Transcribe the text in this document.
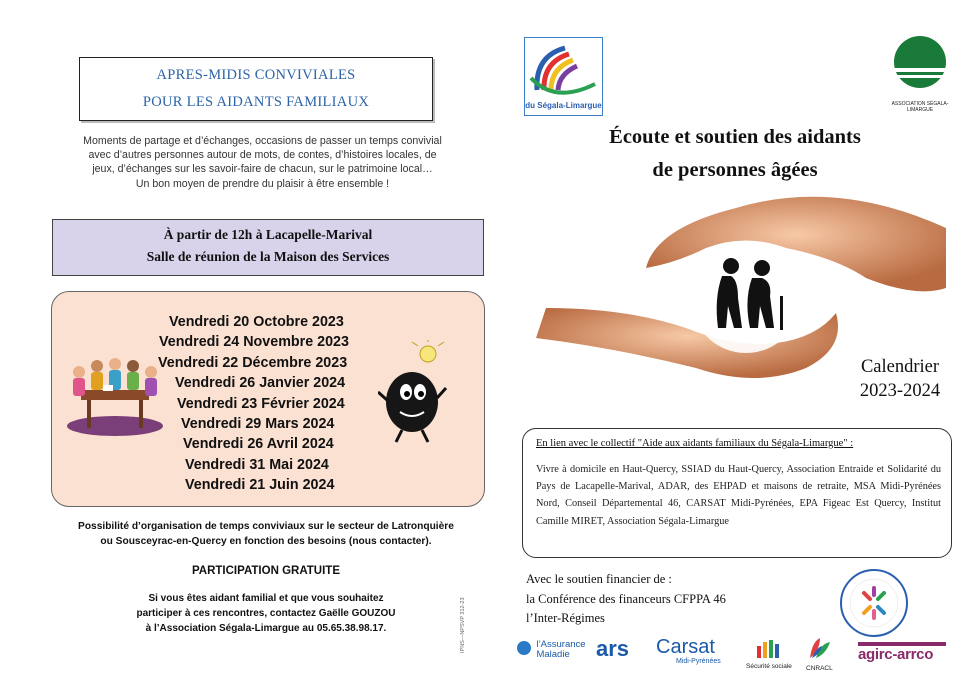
APRES-MIDIS CONVIVIALES
POUR LES AIDANTS FAMILIAUX
Moments de partage et d’échanges, occasions de passer un temps convivial
avec d’autres personnes autour de mots, de contes, d’histoires locales, de
jeux, d’échanges sur les savoir-faire de chacun, sur le patrimoine local…
Un bon moyen de prendre du plaisir à être ensemble !
À partir de 12h à Lacapelle-Marival
Salle de réunion de la Maison des Services
Vendredi 20 Octobre 2023
Vendredi 24 Novembre 2023
Vendredi 22 Décembre 2023
Vendredi 26 Janvier 2024
Vendredi 23 Février 2024
Vendredi 29 Mars 2024
Vendredi 26 Avril 2024
Vendredi 31 Mai 2024
Vendredi 21 Juin 2024
Possibilité d’organisation de temps conviviaux sur le secteur de Latronquière
ou Sousceyrac-en-Quercy en fonction des besoins (nous contacter).
PARTICIPATION GRATUITE
Si vous êtes aidant familial et que vous souhaitez
participer à ces rencontres, contactez Gaëlle GOUZOU
à l’Association Ségala-Limargue au 05.65.38.98.17.	IPNS—NPSVP 312-23
du Ségala-Limargue	ASSOCIATION SÉGALA-LIMARGUE
Écoute et soutien des aidants
de personnes âgées
Calendrier
2023-2024
En lien avec le collectif "Aide aux aidants familiaux du Ségala-Limargue" :
Vivre à domicile en Haut-Quercy, SSIAD du Haut-Quercy, Association Entraide et Solidarité du Pays de Lacapelle-Marival, ADAR, des EHPAD et maisons de retraite, MSA Midi-Pyrénées Nord, Conseil Départemental 46, CARSAT Midi-Pyrénées, EPA Figeac Est Quercy, Institut Camille MIRET, Association Ségala-Limargue
Avec le soutien financier de :
la Conférence des financeurs CFPPA 46
l’Inter-Régimes
l’Assurance
Maladie	ars Carsat
Midi-Pyrénées
Sécurité sociale CNRACL
agirc-arrco
